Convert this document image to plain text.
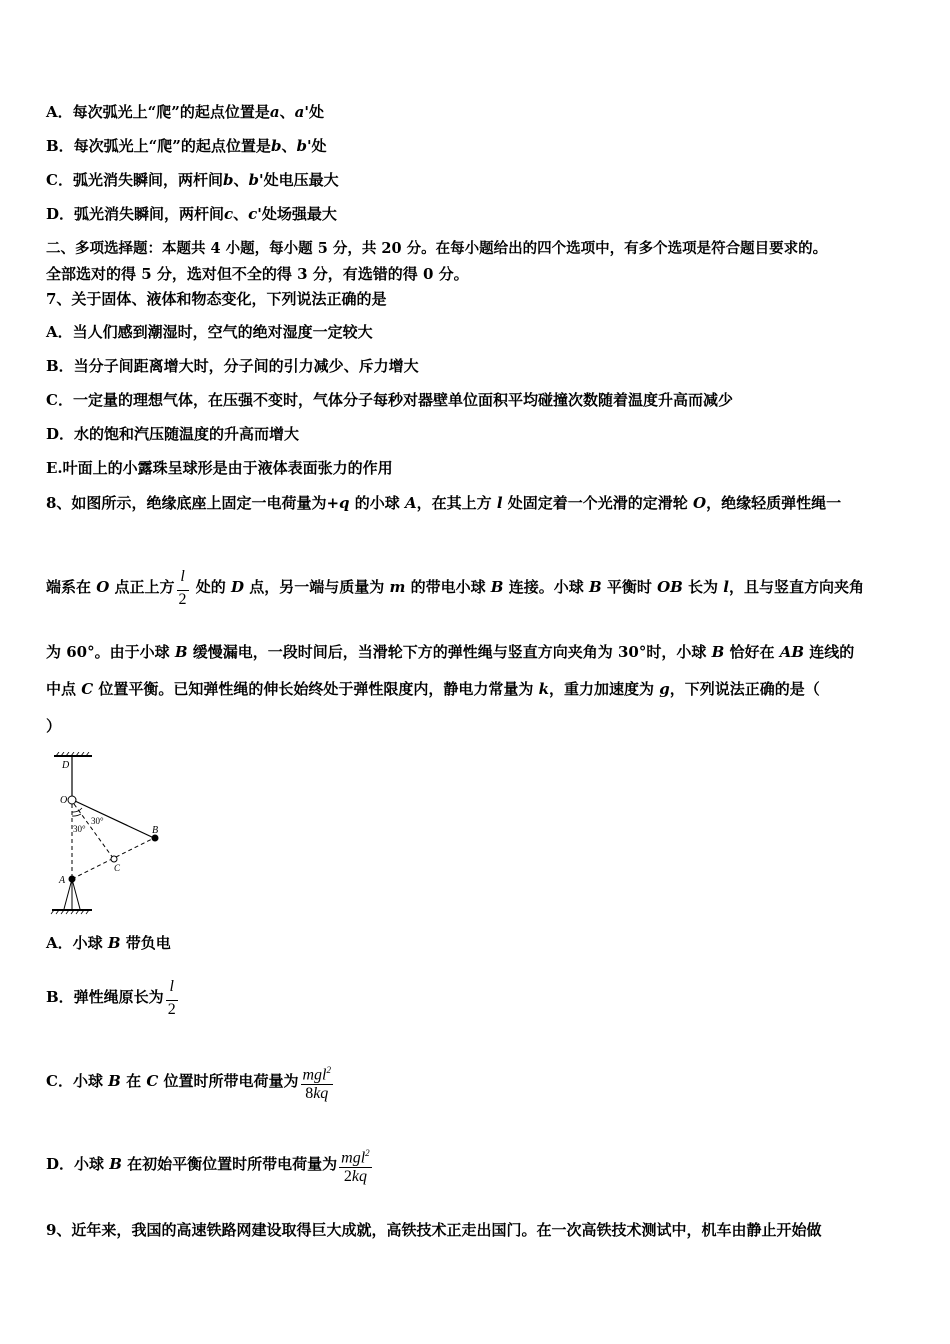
A．每次弧光上“爬”的起点位置是a、a'处
B．每次弧光上“爬”的起点位置是b、b'处
C．弧光消失瞬间，两杆间b、b'处电压最大
D．弧光消失瞬间，两杆间c、c'处场强最大
二、多项选择题：本题共 4 小题，每小题 5 分，共 20 分。在每小题给出的四个选项中，有多个选项是符合题目要求的。
全部选对的得 5 分，选对但不全的得 3 分，有选错的得 0 分。
7、关于固体、液体和物态变化，下列说法正确的是
A．当人们感到潮湿时，空气的绝对湿度一定较大
B．当分子间距离增大时，分子间的引力减少、斥力增大
C．一定量的理想气体，在压强不变时，气体分子每秒对器壁单位面积平均碰撞次数随着温度升高而减少
D．水的饱和汽压随温度的升高而增大
E.叶面上的小露珠呈球形是由于液体表面张力的作用
8、如图所示，绝缘底座上固定一电荷量为+q 的小球 A，在其上方 l 处固定着一个光滑的定滑轮 O，绝缘轻质弹性绳一
端系在 O 点正上方 $\frac{l}{2}$ 处的 D 点，另一端与质量为 m 的带电小球 B 连接。小球 B 平衡时 OB 长为 l，且与竖直方向夹角
为 60°。由于小球 B 缓慢漏电，一段时间后，当滑轮下方的弹性绳与竖直方向夹角为 30°时，小球 B 恰好在 AB 连线的
中点 C 位置平衡。已知弹性绳的伸长始终处于弹性限度内，静电力常量为 k，重力加速度为 g，下列说法正确的是（
）
D
O
B
C
A
30°
30°
A．小球 B 带负电
B．弹性绳原长为 $\frac{l}{2}$
C．小球 B 在 C 位置时所带电荷量为 $\frac{mgl^2}{8kq}$
D．小球 B 在初始平衡位置时所带电荷量为 $\frac{mgl^2}{2kq}$
9、近年来，我国的高速铁路网建设取得巨大成就，高铁技术正走出国门。在一次高铁技术测试中，机车由静止开始做
